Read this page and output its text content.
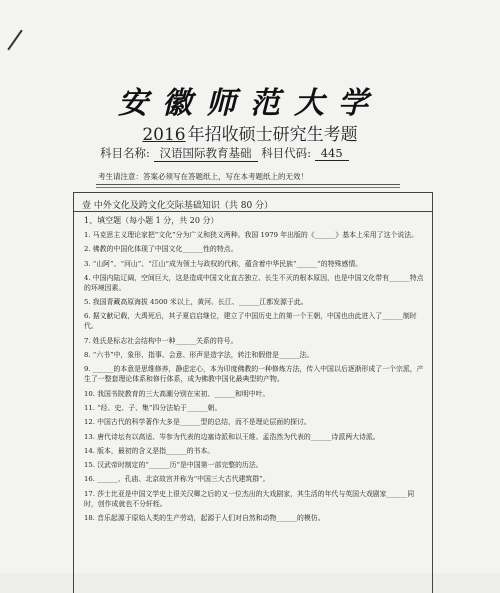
安徽师范大学
2016 年招收硕士研究生考题
科目名称: 汉语国际教育基础 科目代码: 445
考生请注意：答案必须写在答题纸上，写在本考题纸上的无效！
壹 中外文化及跨文化交际基础知识（共 80 分）
1、填空题（每小题 1 分，共 20 分）
1. 马克思主义理论家把“文化”分为广义和狭义两种。我国 1979 年出版的《______》基本上采用了这个说法。
2. 佛教的中国化体现了中国文化______性的特点。
3. “山阿”、“河山”、“江山”成为领土与政权的代称，蕴含着中华民族“______”的特殊感情。
4. 中国内陆辽阔，空间巨大，这是造成中国文化直古独立、长生不灭的根本原因，也是中国文化带有______特点的环境因素。
5. 我国青藏高原海拔 4500 米以上，黄河、长江、______江都发源于此。
6. 据文献记载，大禹死后，其子夏启启继位，建立了中国历史上的第一个王朝，中国也由此进入了______制时代。
7. 姓氏是标志社会结构中一种______关系的符号。
8. “六书”中，象形、指事、会意、形声是造字法，转注和假借是______法。
9. ______的本意是思维修养，静虑定心，本为印度佛教的一种修炼方法，传入中国以后逐渐形成了一个宗派，产生了一整套理论体系和修行体系，成为佛教中国化最典型的产物。
10. 我国书院教育的三大高潮分别在宋初、______和明中叶。
11. “经、史、子、集”四分法始于______朝。
12. 中国古代的科学著作大多是______型的总结，而不是理论层面的探讨。
13. 唐代诗坛有以高适、岑参为代表的边塞诗派和以王维、孟浩然为代表的______诗派两大诗派。
14. 版本，最初的含义是指______的书本。
15. 汉武帝时制定的“______历”是中国第一部完整的历法。
16. ______、孔庙、北京故宫并称为“中国三大古代建筑群”。
17. 莎士比亚是中国文学史上很关汉卿之后的又一位杰出的大戏剧家，其生活的年代与英国大戏剧家______同时，创作成就也不分轩轾。
18. 音乐起源于原始人类的生产劳动，起源于人们对自然和动物______的模仿。
